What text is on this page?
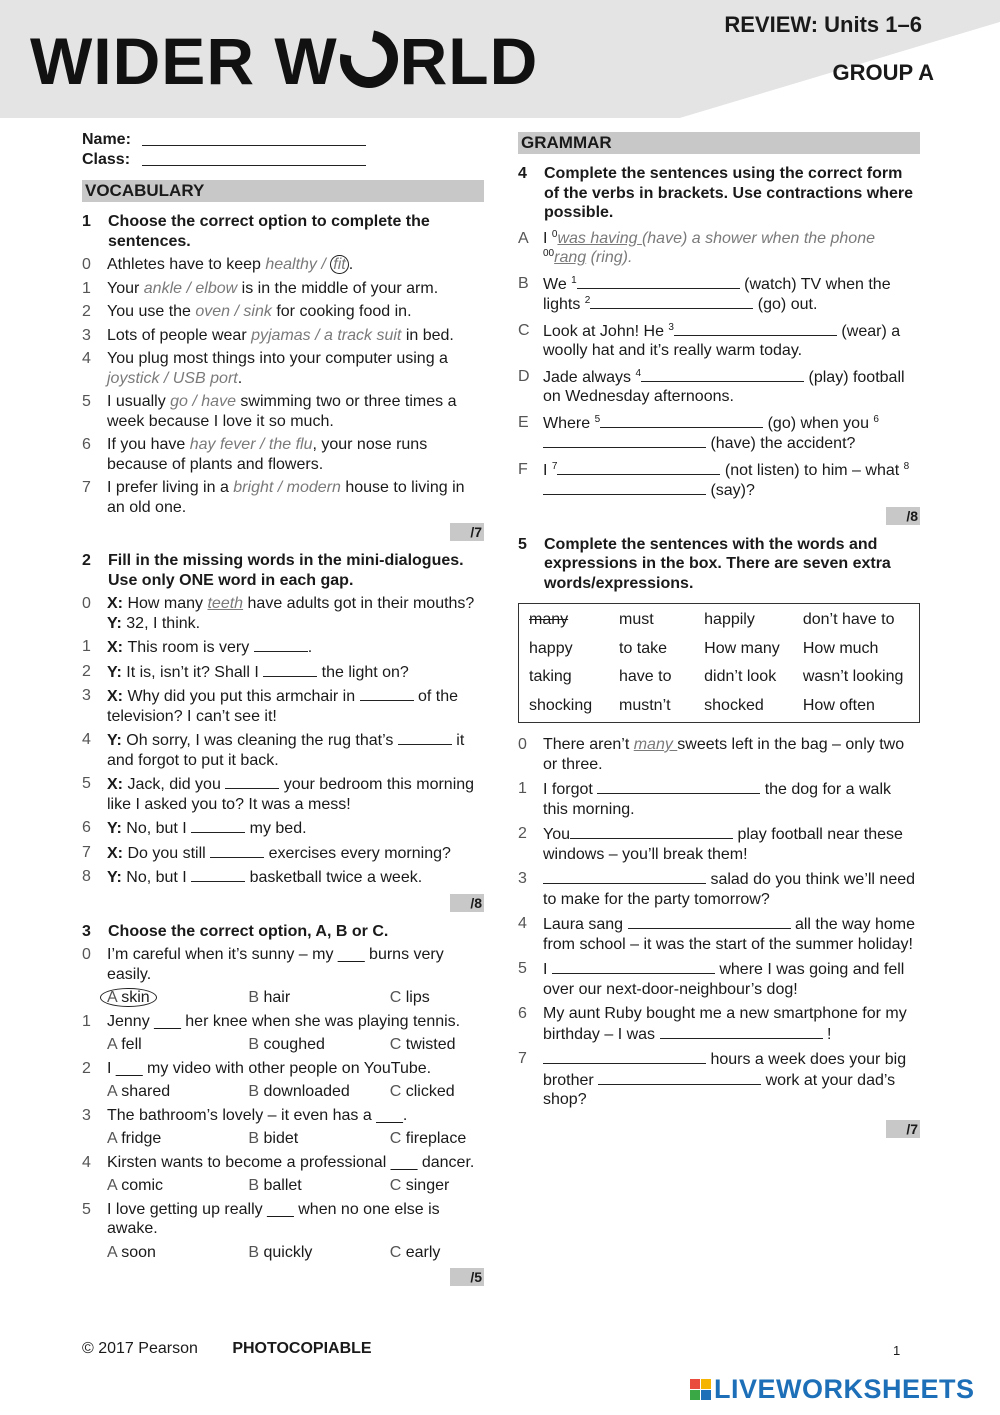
WIDER W RLD	REVIEW: Units 1–6
GROUP A
Name:
Class:
VOCABULARY
1	Choose the correct option to complete the sentences.
0	Athletes have to keep healthy / fit .
1	Your ankle / elbow is in the middle of your arm.
2	You use the oven / sink for cooking food in.
3	Lots of people wear pyjamas / a track suit in bed.
4	You plug most things into your computer using a joystick / USB port.
5	I usually go / have swimming two or three times a week because I love it so much.
6	If you have hay fever / the flu, your nose runs because of plants and flowers.
7	I prefer living in a bright / modern house to living in an old one.
/7
2	Fill in the missing words in the mini-dialogues. Use only ONE word in each gap.
0	X: How many teeth have adults got in their mouths?
Y: 32, I think.
1	X: This room is very	.
2	Y: It is, isn’t it? Shall I	the light on?
3	X: Why did you put this armchair in	of the television? I can’t see it!
4	Y: Oh sorry, I was cleaning the rug that’s	it and forgot to put it back.
5	X: Jack, did you	your bedroom this morning like I asked you to? It was a mess!
6	Y: No, but I	my bed.
7	X: Do you still	exercises every morning?
8	Y: No, but I	basketball twice a week.
/8
3	Choose the correct option, A, B or C.
0	I’m careful when it’s sunny – my ___ burns very easily.
A skin	B hair	C lips
1	Jenny ___ her knee when she was playing tennis.
A fell	B coughed	C twisted
2	I ___ my video with other people on YouTube.
A shared	B downloaded	C clicked
3	The bathroom’s lovely – it even has a ___.
A fridge	B bidet	C fireplace
4	Kirsten wants to become a professional ___ dancer.
A comic	B ballet	C singer
5	I love getting up really ___ when no one else is awake.
A soon	B quickly	C early
/5
GRAMMAR
4	Complete the sentences using the correct form of the verbs in brackets. Use contractions where possible.
A I $^0$was having (have) a shower when the phone $^{00}$rang (ring).
B We $^1$	(watch) TV when the lights $^2$	(go) out.
C Look at John! He $^3$	(wear) a woolly hat and it’s really warm today.
D Jade always $^4$	(play) football on Wednesday afternoons.
E Where $^5$	(go) when you $^6$ (have) the accident?
F I $^7$	(not listen) to him – what $^8$ (say)?
/8
5	Complete the sentences with the words and expressions in the box. There are seven extra words/expressions.
many	must	happily	don’t have to
happy	to take	How many	How much
taking	have to	didn’t look	wasn’t looking
shocking	mustn’t	shocked	How often
0	There aren’t many sweets left in the bag – only two or three.
1	I forgot	the dog for a walk this morning.
2	You	play football near these windows – you’ll break them!
3	salad do you think we’ll need to make for the party tomorrow?
4	Laura sang	all the way home from school – it was the start of the summer holiday!
5	I	where I was going and fell over our next-door-neighbour’s dog!
6	My aunt Ruby bought me a new smartphone for my birthday – I was	!
7	hours a week does your big brother	work at your dad’s shop?
/7
© 2017 Pearson PHOTOCOPIABLE	1
LIVEWORKSHEETS
